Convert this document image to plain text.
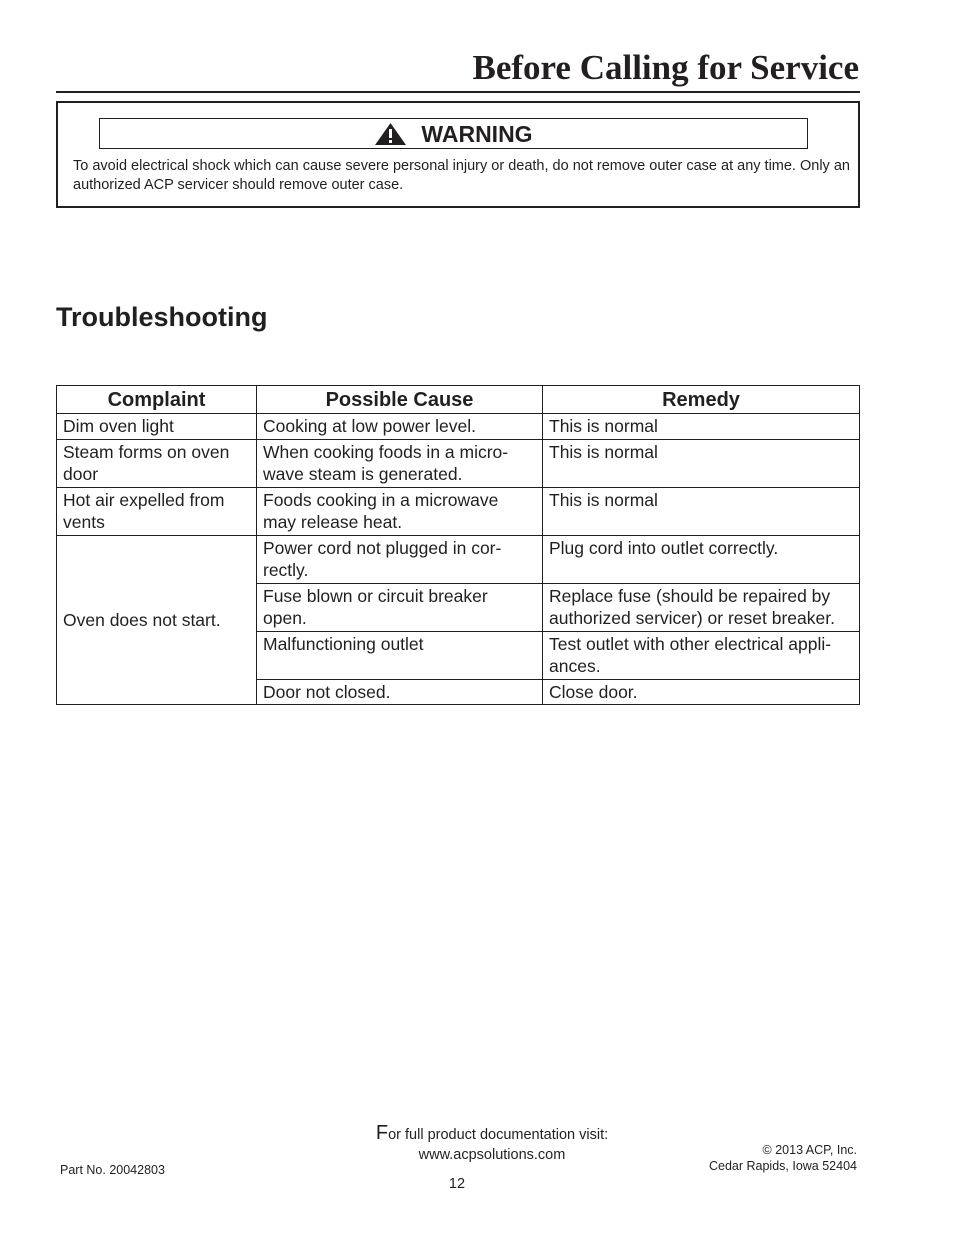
Before Calling for Service
WARNING

To avoid electrical shock which can cause severe personal injury or death, do not remove outer case at any time. Only an authorized ACP servicer should remove outer case.

Troubleshooting
Complaint	Possible Cause	Remedy
Dim oven light	Cooking at low power level.	This is normal
Steam forms on oven door	When cooking foods in a micro-wave steam is generated.	This is normal
Hot air expelled from vents	Foods cooking in a microwave may release heat.	This is normal
Oven does not start.	Power cord not plugged in cor-rectly.	Plug cord into outlet correctly.
	Fuse blown or circuit breaker open.	Replace fuse (should be repaired by authorized servicer) or reset breaker.
	Malfunctioning outlet	Test outlet with other electrical appli-ances.
	Door not closed.	Close door.

For full product documentation visit:

www.acpsolutions.com

12

Part No. 20042803

© 2013 ACP, Inc.
Cedar Rapids, Iowa 52404
